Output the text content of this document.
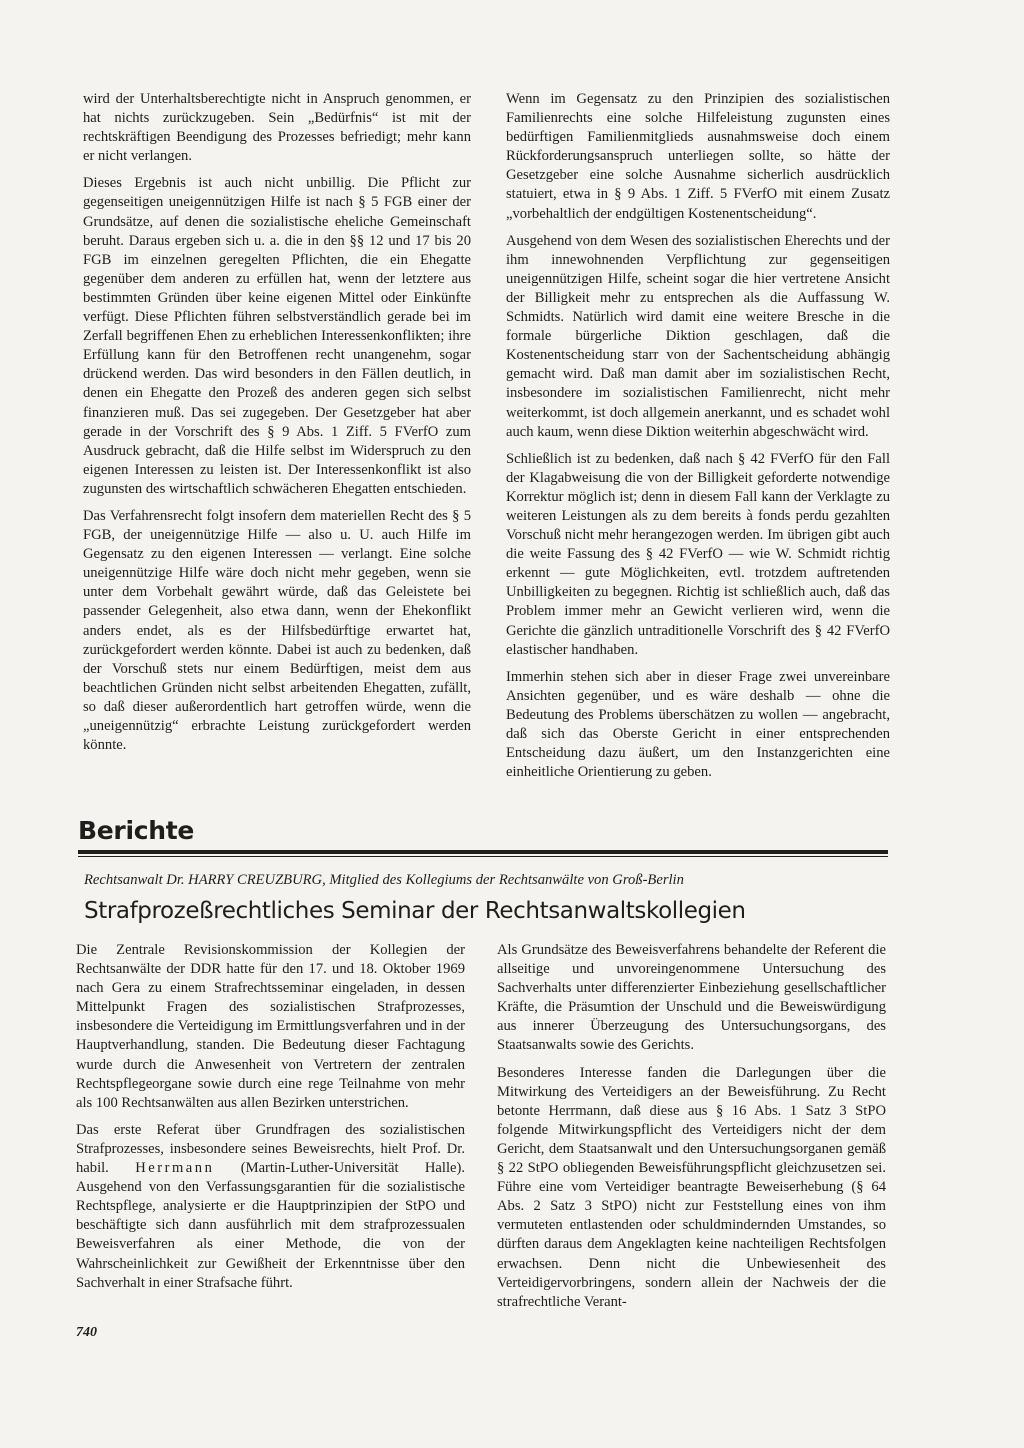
wird der Unterhaltsberechtigte nicht in Anspruch genommen, er hat nichts zurückzugeben. Sein „Bedürfnis“ ist mit der rechtskräftigen Beendigung des Prozesses befriedigt; mehr kann er nicht verlangen.

Dieses Ergebnis ist auch nicht unbillig. Die Pflicht zur gegenseitigen uneigennützigen Hilfe ist nach § 5 FGB einer der Grundsätze, auf denen die sozialistische eheliche Gemeinschaft beruht. Daraus ergeben sich u. a. die in den §§ 12 und 17 bis 20 FGB im einzelnen geregelten Pflichten, die ein Ehegatte gegenüber dem anderen zu erfüllen hat, wenn der letztere aus bestimmten Gründen über keine eigenen Mittel oder Einkünfte verfügt. Diese Pflichten führen selbstverständlich gerade bei im Zerfall begriffenen Ehen zu erheblichen Interessenkonflikten; ihre Erfüllung kann für den Betroffenen recht unangenehm, sogar drückend werden. Das wird besonders in den Fällen deutlich, in denen ein Ehegatte den Prozeß des anderen gegen sich selbst finanzieren muß. Das sei zugegeben. Der Gesetzgeber hat aber gerade in der Vorschrift des § 9 Abs. 1 Ziff. 5 FVerfO zum Ausdruck gebracht, daß die Hilfe selbst im Widerspruch zu den eigenen Interessen zu leisten ist. Der Interessenkonflikt ist also zugunsten des wirtschaftlich schwächeren Ehegatten entschieden.

Das Verfahrensrecht folgt insofern dem materiellen Recht des § 5 FGB, der uneigennützige Hilfe — also u. U. auch Hilfe im Gegensatz zu den eigenen Interessen — verlangt. Eine solche uneigennützige Hilfe wäre doch nicht mehr gegeben, wenn sie unter dem Vorbehalt gewährt würde, daß das Geleistete bei passender Gelegenheit, also etwa dann, wenn der Ehekonflikt anders endet, als es der Hilfsbedürftige erwartet hat, zurückgefordert werden könnte. Dabei ist auch zu bedenken, daß der Vorschuß stets nur einem Bedürftigen, meist dem aus beachtlichen Gründen nicht selbst arbeitenden Ehegatten, zufällt, so daß dieser außerordentlich hart getroffen würde, wenn die „uneigennützig“ erbrachte Leistung zurückgefordert werden könnte.

Wenn im Gegensatz zu den Prinzipien des sozialistischen Familienrechts eine solche Hilfeleistung zugunsten eines bedürftigen Familienmitglieds ausnahmsweise doch einem Rückforderungsanspruch unterliegen sollte, so hätte der Gesetzgeber eine solche Ausnahme sicherlich ausdrücklich statuiert, etwa in § 9 Abs. 1 Ziff. 5 FVerfO mit einem Zusatz „vorbehaltlich der endgültigen Kostenentscheidung“.

Ausgehend von dem Wesen des sozialistischen Eherechts und der ihm innewohnenden Verpflichtung zur gegenseitigen uneigennützigen Hilfe, scheint sogar die hier vertretene Ansicht der Billigkeit mehr zu entsprechen als die Auffassung W. Schmidts. Natürlich wird damit eine weitere Bresche in die formale bürgerliche Diktion geschlagen, daß die Kostenentscheidung starr von der Sachentscheidung abhängig gemacht wird. Daß man damit aber im sozialistischen Recht, insbesondere im sozialistischen Familienrecht, nicht mehr weiterkommt, ist doch allgemein anerkannt, und es schadet wohl auch kaum, wenn diese Diktion weiterhin abgeschwächt wird.

Schließlich ist zu bedenken, daß nach § 42 FVerfO für den Fall der Klagabweisung die von der Billigkeit geforderte notwendige Korrektur möglich ist; denn in diesem Fall kann der Verklagte zu weiteren Leistungen als zu dem bereits à fonds perdu gezahlten Vorschuß nicht mehr herangezogen werden. Im übrigen gibt auch die weite Fassung des § 42 FVerfO — wie W. Schmidt richtig erkennt — gute Möglichkeiten, evtl. trotzdem auftretenden Unbilligkeiten zu begegnen. Richtig ist schließlich auch, daß das Problem immer mehr an Gewicht verlieren wird, wenn die Gerichte die gänzlich untraditionelle Vorschrift des § 42 FVerfO elastischer handhaben.

Immerhin stehen sich aber in dieser Frage zwei unvereinbare Ansichten gegenüber, und es wäre deshalb — ohne die Bedeutung des Problems überschätzen zu wollen — angebracht, daß sich das Oberste Gericht in einer entsprechenden Entscheidung dazu äußert, um den Instanzgerichten eine einheitliche Orientierung zu geben.

Berichte
Rechtsanwalt Dr. HARRY CREUZBURG, Mitglied des Kollegiums der Rechtsanwälte von Groß-Berlin
Strafprozeßrechtliches Seminar der Rechtsanwaltskollegien

Die Zentrale Revisionskommission der Kollegien der Rechtsanwälte der DDR hatte für den 17. und 18. Oktober 1969 nach Gera zu einem Strafrechtsseminar eingeladen, in dessen Mittelpunkt Fragen des sozialistischen Strafprozesses, insbesondere die Verteidigung im Ermittlungsverfahren und in der Hauptverhandlung, standen. Die Bedeutung dieser Fachtagung wurde durch die Anwesenheit von Vertretern der zentralen Rechtspflegeorgane sowie durch eine rege Teilnahme von mehr als 100 Rechtsanwälten aus allen Bezirken unterstrichen.

Das erste Referat über Grundfragen des sozialistischen Strafprozesses, insbesondere seines Beweisrechts, hielt Prof. Dr. habil. Herrmann (Martin-Luther-Universität Halle). Ausgehend von den Verfassungsgarantien für die sozialistische Rechtspflege, analysierte er die Hauptprinzipien der StPO und beschäftigte sich dann ausführlich mit dem strafprozessualen Beweisverfahren als einer Methode, die von der Wahrscheinlichkeit zur Gewißheit der Erkenntnisse über den Sachverhalt in einer Strafsache führt.

Als Grundsätze des Beweisverfahrens behandelte der Referent die allseitige und unvoreingenommene Untersuchung des Sachverhalts unter differenzierter Einbeziehung gesellschaftlicher Kräfte, die Präsumtion der Unschuld und die Beweiswürdigung aus innerer Überzeugung des Untersuchungsorgans, des Staatsanwalts sowie des Gerichts.

Besonderes Interesse fanden die Darlegungen über die Mitwirkung des Verteidigers an der Beweisführung. Zu Recht betonte Herrmann, daß diese aus § 16 Abs. 1 Satz 3 StPO folgende Mitwirkungspflicht des Verteidigers nicht der dem Gericht, dem Staatsanwalt und den Untersuchungsorganen gemäß § 22 StPO obliegenden Beweisführungspflicht gleichzusetzen sei. Führe eine vom Verteidiger beantragte Beweiserhebung (§ 64 Abs. 2 Satz 3 StPO) nicht zur Feststellung eines von ihm vermuteten entlastenden oder schuldmindernden Umstandes, so dürften daraus dem Angeklagten keine nachteiligen Rechtsfolgen erwachsen. Denn nicht die Unbewiesenheit des Verteidigervorbringens, sondern allein der Nachweis der die strafrechtliche Verant-

740
